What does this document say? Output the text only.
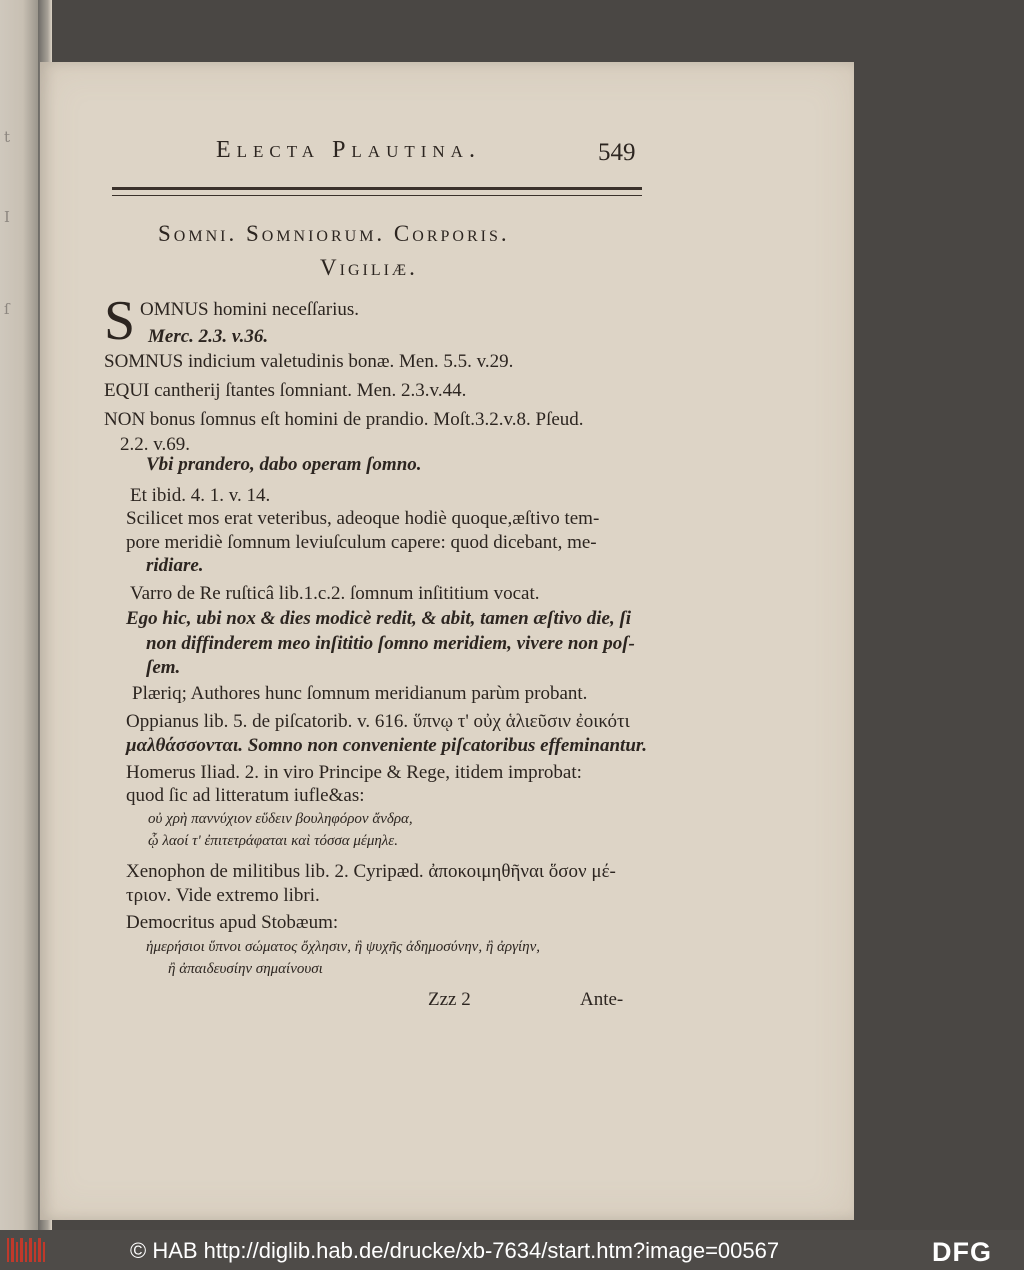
t
I
ſ
Electa Plautina.	549
Somni. Somniorum. Corporis.
Vigiliæ.
S OMNUS homini neceſſarius.
Merc. 2.3. v.36.
SOMNUS indicium valetudinis bonæ. Men. 5.5. v.29.
EQUI cantherij ſtantes ſomniant. Men. 2.3.v.44.
NON bonus ſomnus eſt homini de prandio. Moſt.3.2.v.8. Pſeud.
2.2. v.69.
Vbi prandero, dabo operam ſomno.
Et ibid. 4. 1. v. 14.
Scilicet mos erat veteribus, adeoque hodiè quoque,æſtivo tem-
pore meridiè ſomnum leviuſculum capere: quod dicebant, me-
ridiare.
Varro de Re ruſticâ lib.1.c.2. ſomnum inſititium vocat.
Ego hic, ubi nox & dies modicè redit, & abit, tamen æſtivo die, ſi
non diffinderem meo inſititio ſomno meridiem, vivere non poſ-
ſem.
Plæriq; Authores hunc ſomnum meridianum parùm probant.
Oppianus lib. 5. de piſcatorib. v. 616. ὕπνῳ τ' οὐχ ἁλιεῦσιν ἐοικότι
μαλθάσσονται. Somno non conveniente piſcatoribus effeminantur.
Homerus Iliad. 2. in viro Principe & Rege, itidem improbat:
quod ſic ad litteratum iufle&as:
οὐ χρὴ παννύχιον εὕδειν βουληφόρον ἄνδρα,
ᾧ λαοί τ' ἐπιτετράφαται καὶ τόσσα μέμηλε.
Xenophon de militibus lib. 2. Cyripæd. ἀποκοιμηθῆναι ὅσον μέ-
τριον. Vide extremo libri.
Democritus apud Stobæum:
ἡμερήσιοι ὕπνοι σώματος ὄχλησιν, ἢ ψυχῆς ἀδημοσύνην, ἢ ἀργίην,
ἢ ἀπαιδευσίην σημαίνουσι
Zzz 2	Ante-
© HAB http://diglib.hab.de/drucke/xb-7634/start.htm?image=00567	DFG
